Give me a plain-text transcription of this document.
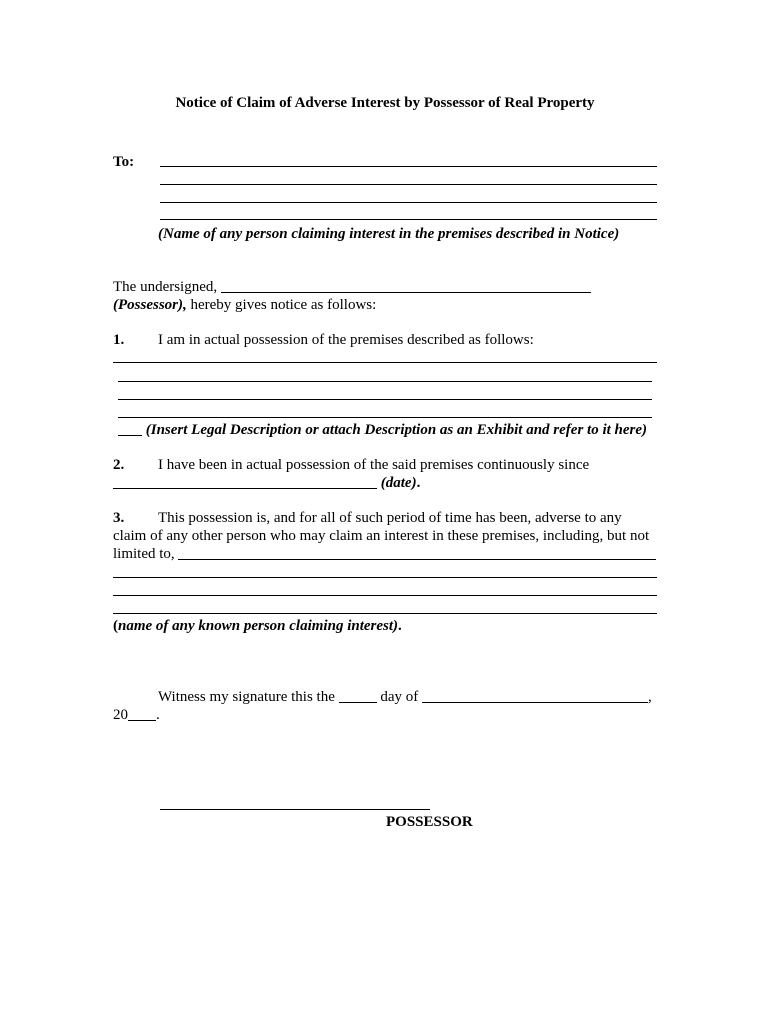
Notice of Claim of Adverse Interest by Possessor of Real Property
To:
(Name of any person claiming interest in the premises described in Notice)
The undersigned,
(Possessor), hereby gives notice as follows:
1. I am in actual possession of the premises described as follows:
(Insert Legal Description or attach Description as an Exhibit and refer to it here)
2. I have been in actual possession of the said premises continuously since
(date).
3. This possession is, and for all of such period of time has been, adverse to any
claim of any other person who may claim an interest in these premises, including, but not
limited to,
(name of any known person claiming interest).
Witness my signature this the	day of	,
20 .
POSSESSOR
